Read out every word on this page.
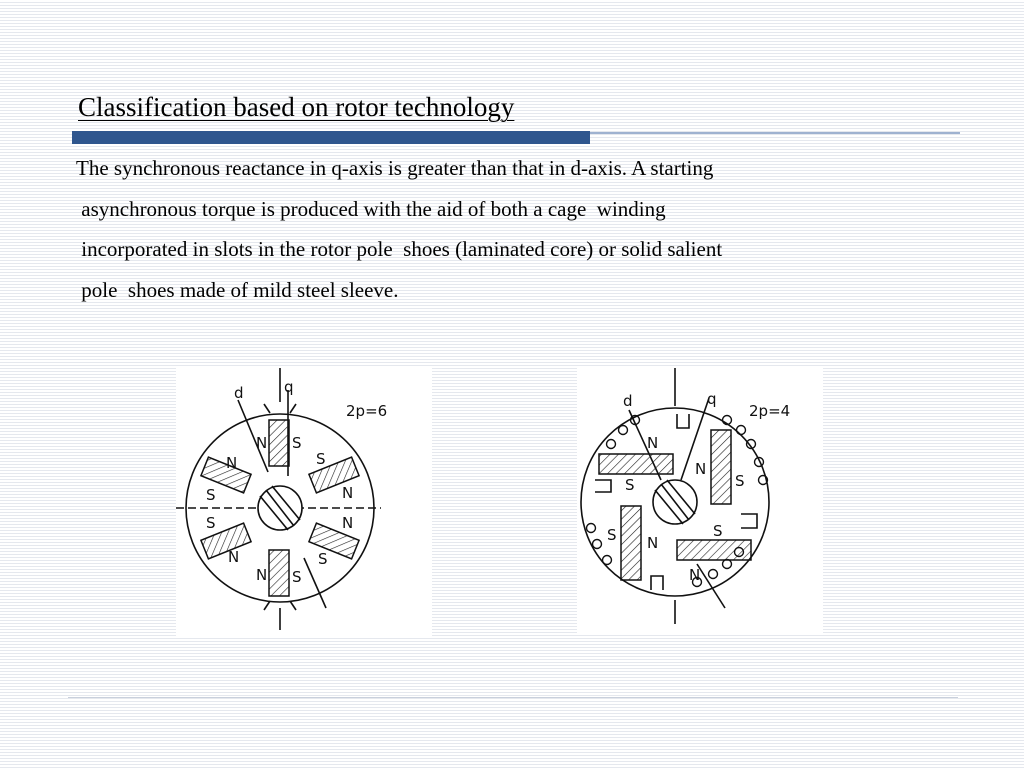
Classification based on rotor technology

The synchronous reactance in q-axis is greater than that in d-axis. A starting

asynchronous torque is produced with the aid of both a cage  winding

incorporated in slots in the rotor pole  shoes (laminated core) or solid salient

pole  shoes made of mild steel sleeve.

2p=6
d	q
N S
S
N
N
S
S
N
N
S
S
N
2p=4
d	q
N
N
S	S
S N
S
N
